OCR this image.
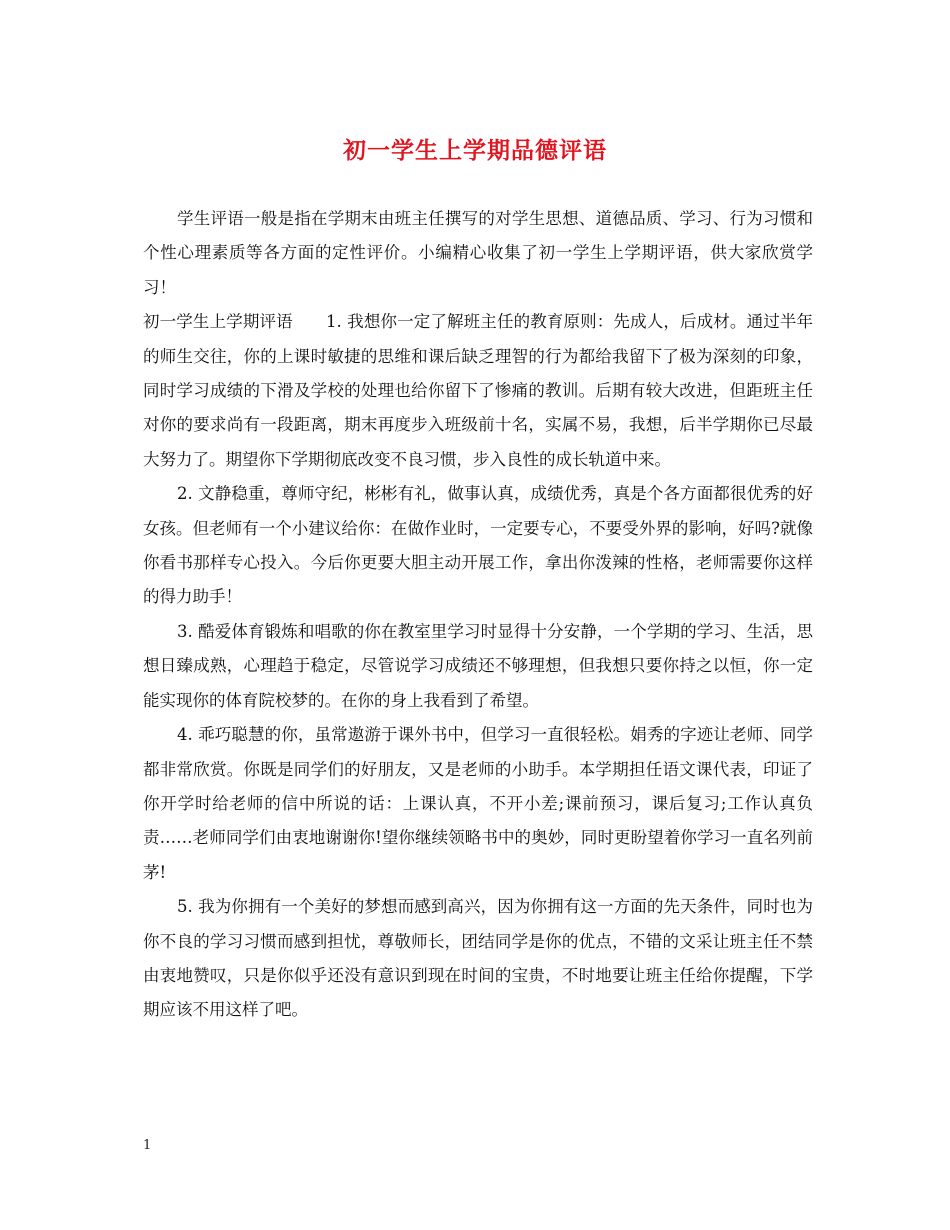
初一学生上学期品德评语

学生评语一般是指在学期末由班主任撰写的对学生思想、道德品质、学习、行为习惯和个性心理素质等各方面的定性评价。小编精心收集了初一学生上学期评语，供大家欣赏学习！

初一学生上学期评语　　1. 我想你一定了解班主任的教育原则：先成人，后成材。通过半年的师生交往，你的上课时敏捷的思维和课后缺乏理智的行为都给我留下了极为深刻的印象，同时学习成绩的下滑及学校的处理也给你留下了惨痛的教训。后期有较大改进，但距班主任对你的要求尚有一段距离，期末再度步入班级前十名，实属不易，我想，后半学期你已尽最大努力了。期望你下学期彻底改变不良习惯，步入良性的成长轨道中来。

2. 文静稳重，尊师守纪，彬彬有礼，做事认真，成绩优秀，真是个各方面都很优秀的好女孩。但老师有一个小建议给你：在做作业时，一定要专心，不要受外界的影响，好吗?就像你看书那样专心投入。今后你更要大胆主动开展工作，拿出你泼辣的性格，老师需要你这样的得力助手！

3. 酷爱体育锻炼和唱歌的你在教室里学习时显得十分安静，一个学期的学习、生活，思想日臻成熟，心理趋于稳定，尽管说学习成绩还不够理想，但我想只要你持之以恒，你一定能实现你的体育院校梦的。在你的身上我看到了希望。

4. 乖巧聪慧的你，虽常遨游于课外书中，但学习一直很轻松。娟秀的字迹让老师、同学都非常欣赏。你既是同学们的好朋友，又是老师的小助手。本学期担任语文课代表，印证了你开学时给老师的信中所说的话：上课认真，不开小差;课前预习，课后复习;工作认真负责……老师同学们由衷地谢谢你!望你继续领略书中的奥妙，同时更盼望着你学习一直名列前茅!

5. 我为你拥有一个美好的梦想而感到高兴，因为你拥有这一方面的先天条件，同时也为你不良的学习习惯而感到担忧，尊敬师长，团结同学是你的优点，不错的文采让班主任不禁由衷地赞叹，只是你似乎还没有意识到现在时间的宝贵，不时地要让班主任给你提醒，下学期应该不用这样了吧。

1
